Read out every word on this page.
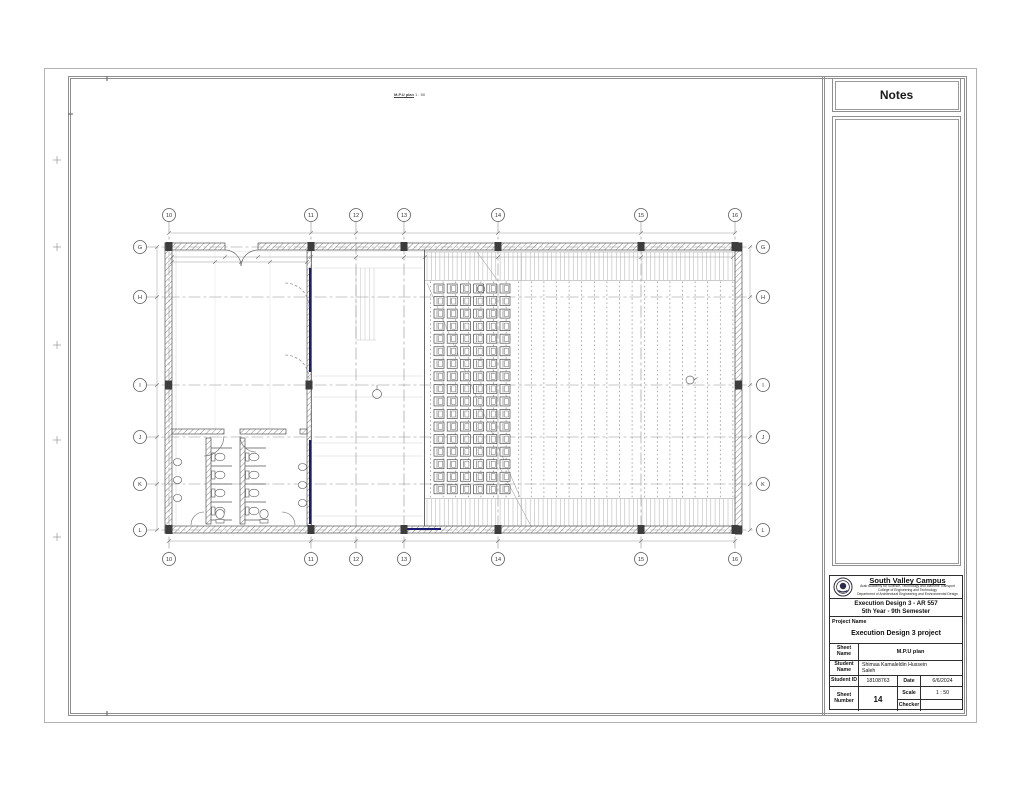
10
10
11
11
12
12
13
13
14
14
15
15
16
16
G	G
H	H
I	I
J	J
K	K
L	L
M.P.U plan 1 : 50	Notes
South Valley Campus
Arab Academy for Science, Technology and Maritime Transport
College of Engineering and Technology
Department of Architectural Engineering and Environmental Design
Execution Design 3 - AR 557
5th Year - 9th Semester
Project Name
Execution Design 3 project
Sheet Name	M.P.U plan
Student Name
Shimaa Kamaleldin Hussein Saleh
Student ID	18108763	Date	6/6/2024
Sheet Number	14
Scale	1 : 50
Checker
